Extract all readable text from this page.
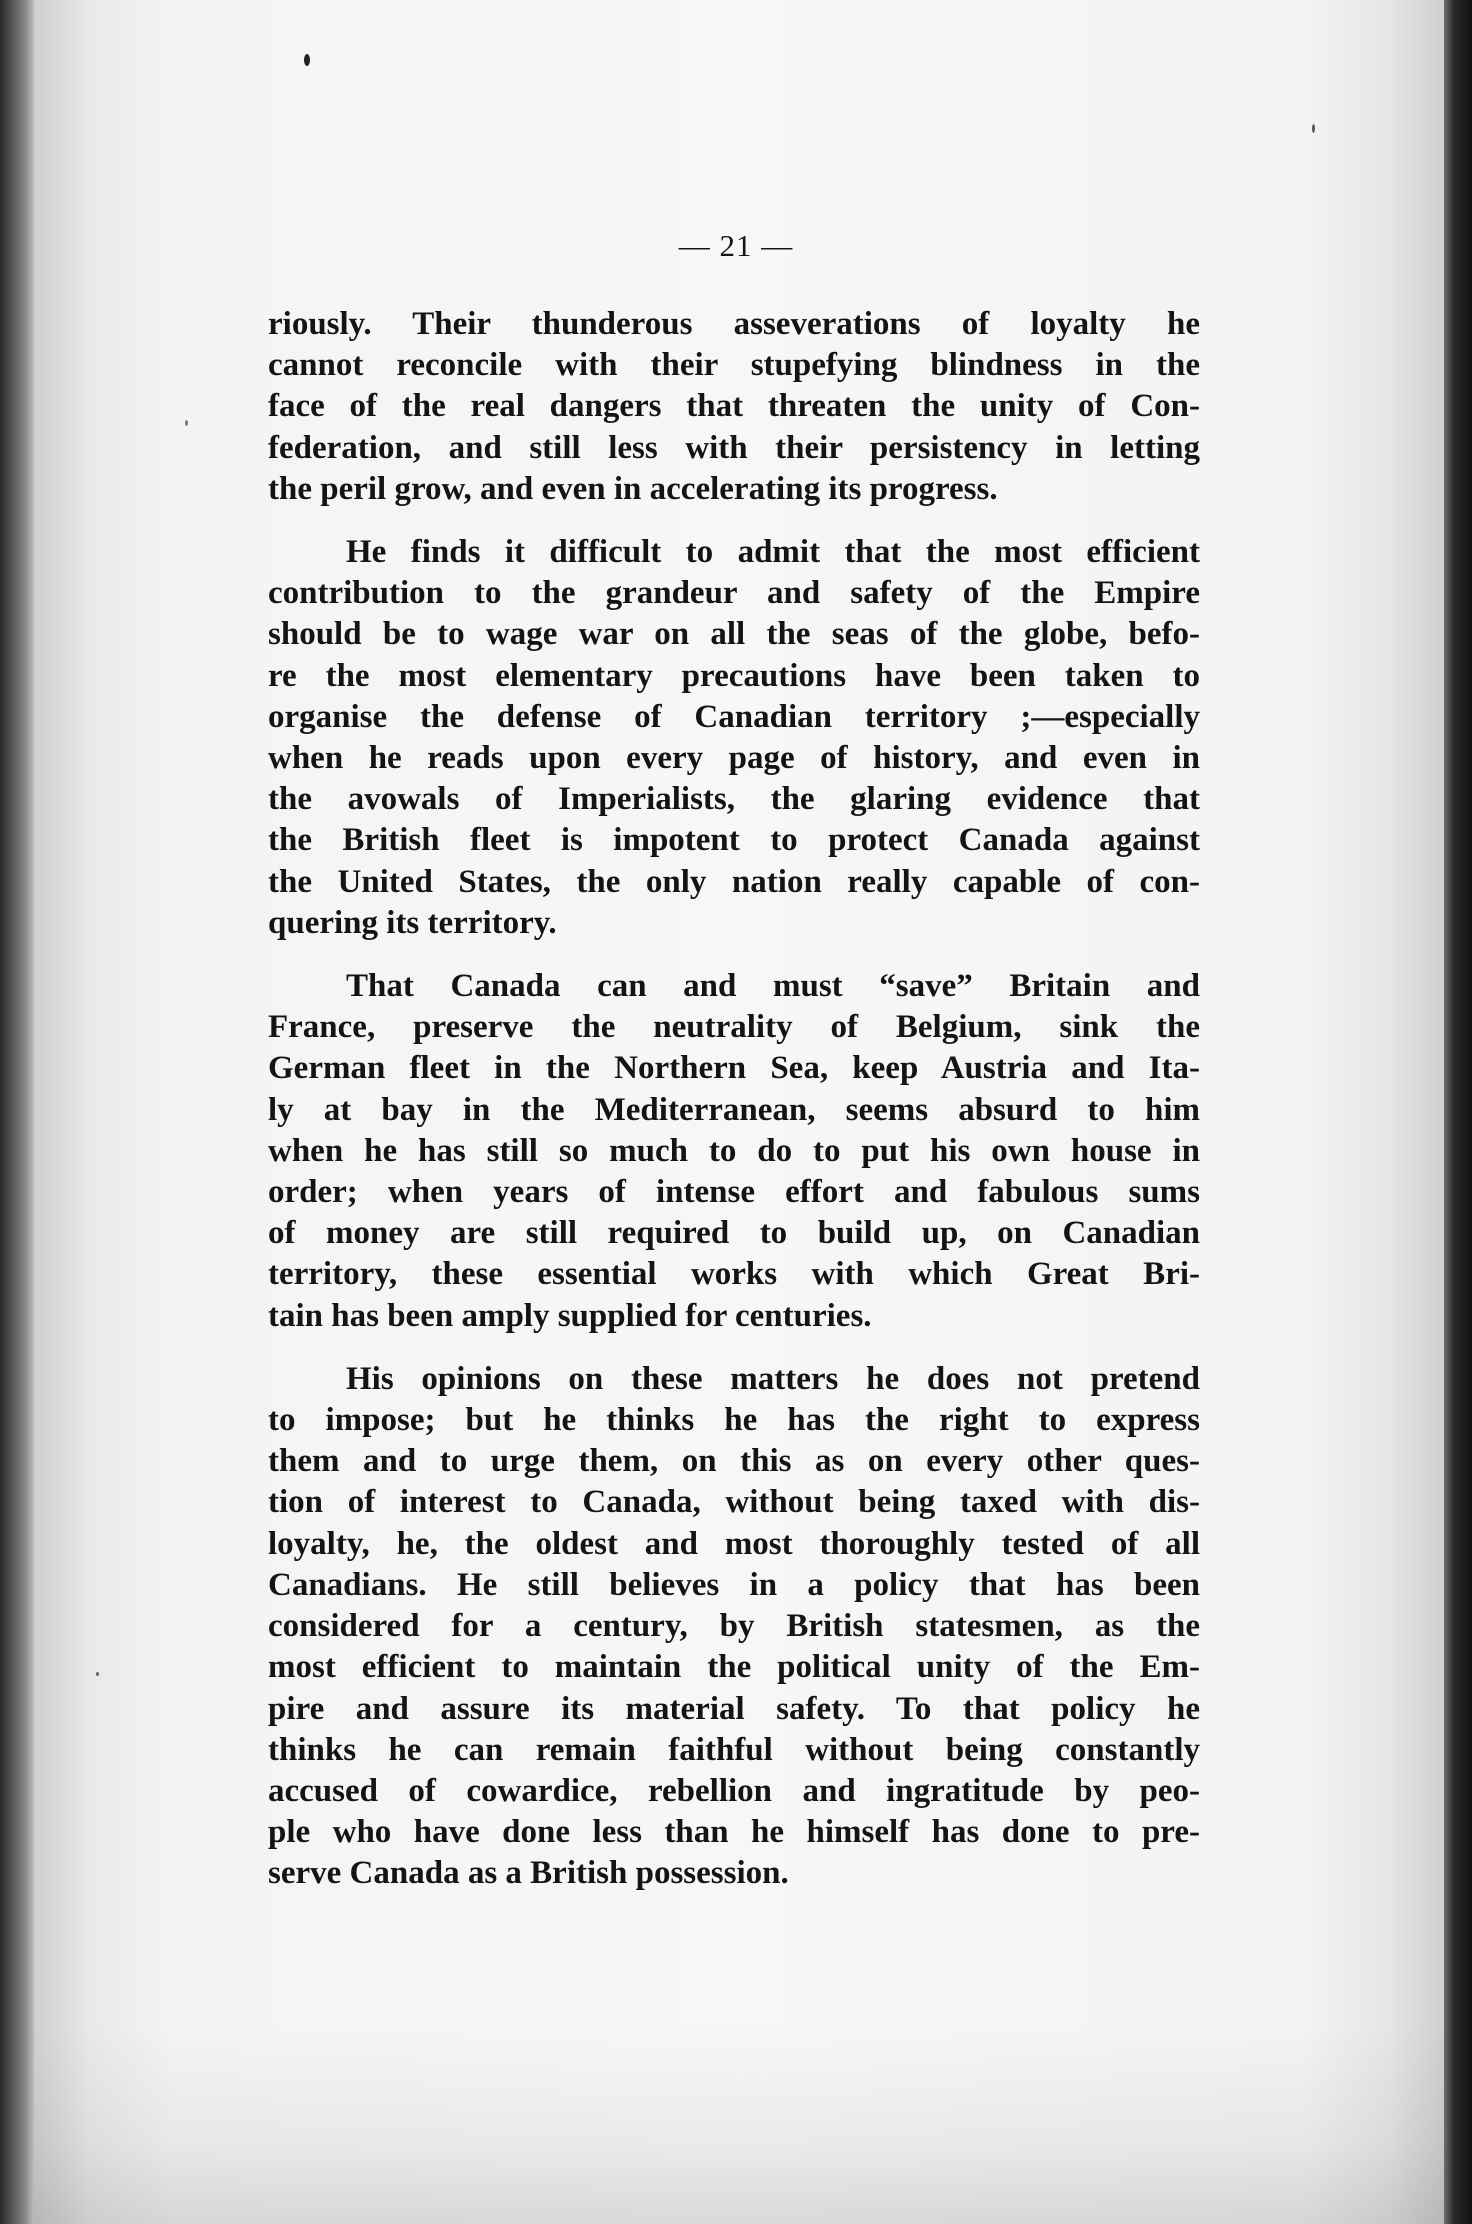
— 21 —

riously. Their thunderous asseverations of loyalty he
cannot reconcile with their stupefying blindness in the
face of the real dangers that threaten the unity of Con-
federation, and still less with their persistency in letting
the peril grow, and even in accelerating its progress.

He finds it difficult to admit that the most efficient
contribution to the grandeur and safety of the Empire
should be to wage war on all the seas of the globe, befo-
re the most elementary precautions have been taken to
organise the defense of Canadian territory ;—especially
when he reads upon every page of history, and even in
the avowals of Imperialists, the glaring evidence that
the British fleet is impotent to protect Canada against
the United States, the only nation really capable of con-
quering its territory.

That Canada can and must “save” Britain and
France, preserve the neutrality of Belgium, sink the
German fleet in the Northern Sea, keep Austria and Ita-
ly at bay in the Mediterranean, seems absurd to him
when he has still so much to do to put his own house in
order; when years of intense effort and fabulous sums
of money are still required to build up, on Canadian
territory, these essential works with which Great Bri-
tain has been amply supplied for centuries.

His opinions on these matters he does not pretend
to impose; but he thinks he has the right to express
them and to urge them, on this as on every other ques-
tion of interest to Canada, without being taxed with dis-
loyalty, he, the oldest and most thoroughly tested of all
Canadians. He still believes in a policy that has been
considered for a century, by British statesmen, as the
most efficient to maintain the political unity of the Em-
pire and assure its material safety. To that policy he
thinks he can remain faithful without being constantly
accused of cowardice, rebellion and ingratitude by peo-
ple who have done less than he himself has done to pre-
serve Canada as a British possession.
